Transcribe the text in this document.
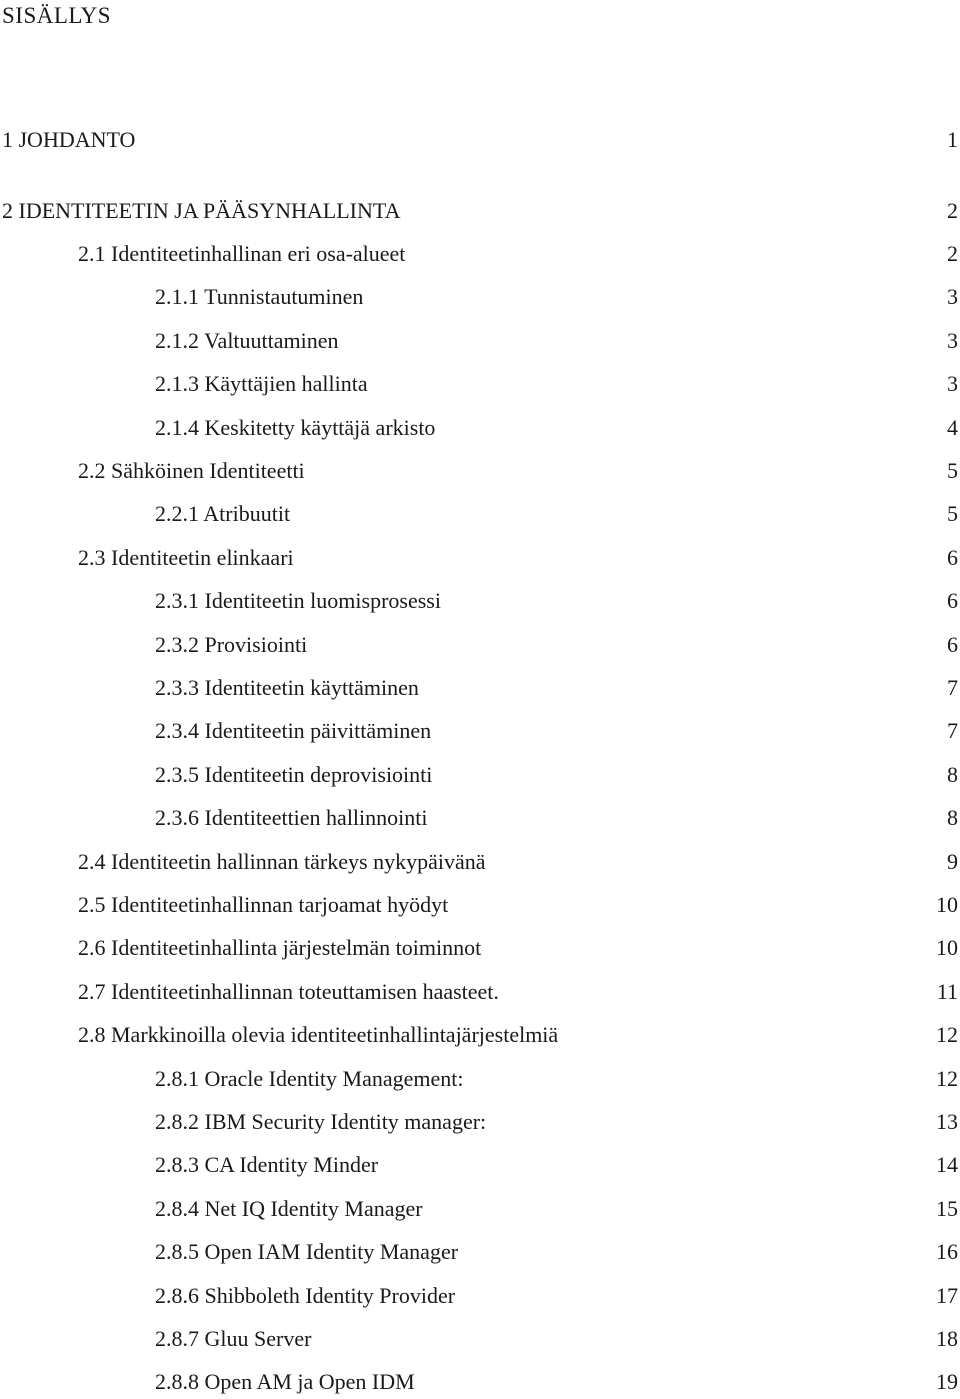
SISÄLLYS
1 JOHDANTO	1
2 IDENTITEETIN JA PÄÄSYNHALLINTA	2
2.1 Identiteetinhallinan eri osa-alueet	2
2.1.1 Tunnistautuminen	3
2.1.2 Valtuuttaminen	3
2.1.3 Käyttäjien hallinta	3
2.1.4 Keskitetty käyttäjä arkisto	4
2.2 Sähköinen Identiteetti	5
2.2.1 Atribuutit	5
2.3 Identiteetin elinkaari	6
2.3.1 Identiteetin luomisprosessi	6
2.3.2 Provisiointi	6
2.3.3 Identiteetin käyttäminen	7
2.3.4 Identiteetin päivittäminen	7
2.3.5 Identiteetin deprovisiointi	8
2.3.6 Identiteettien hallinnointi	8
2.4 Identiteetin hallinnan tärkeys nykypäivänä	9
2.5 Identiteetinhallinnan tarjoamat hyödyt	10
2.6 Identiteetinhallinta järjestelmän toiminnot	10
2.7 Identiteetinhallinnan toteuttamisen haasteet.	11
2.8 Markkinoilla olevia identiteetinhallintajärjestelmiä	12
2.8.1 Oracle Identity Management:	12
2.8.2 IBM Security Identity manager:	13
2.8.3 CA Identity Minder	14
2.8.4 Net IQ Identity Manager	15
2.8.5 Open IAM Identity Manager	16
2.8.6 Shibboleth Identity Provider	17
2.8.7 Gluu Server	18
2.8.8 Open AM ja Open IDM	19
